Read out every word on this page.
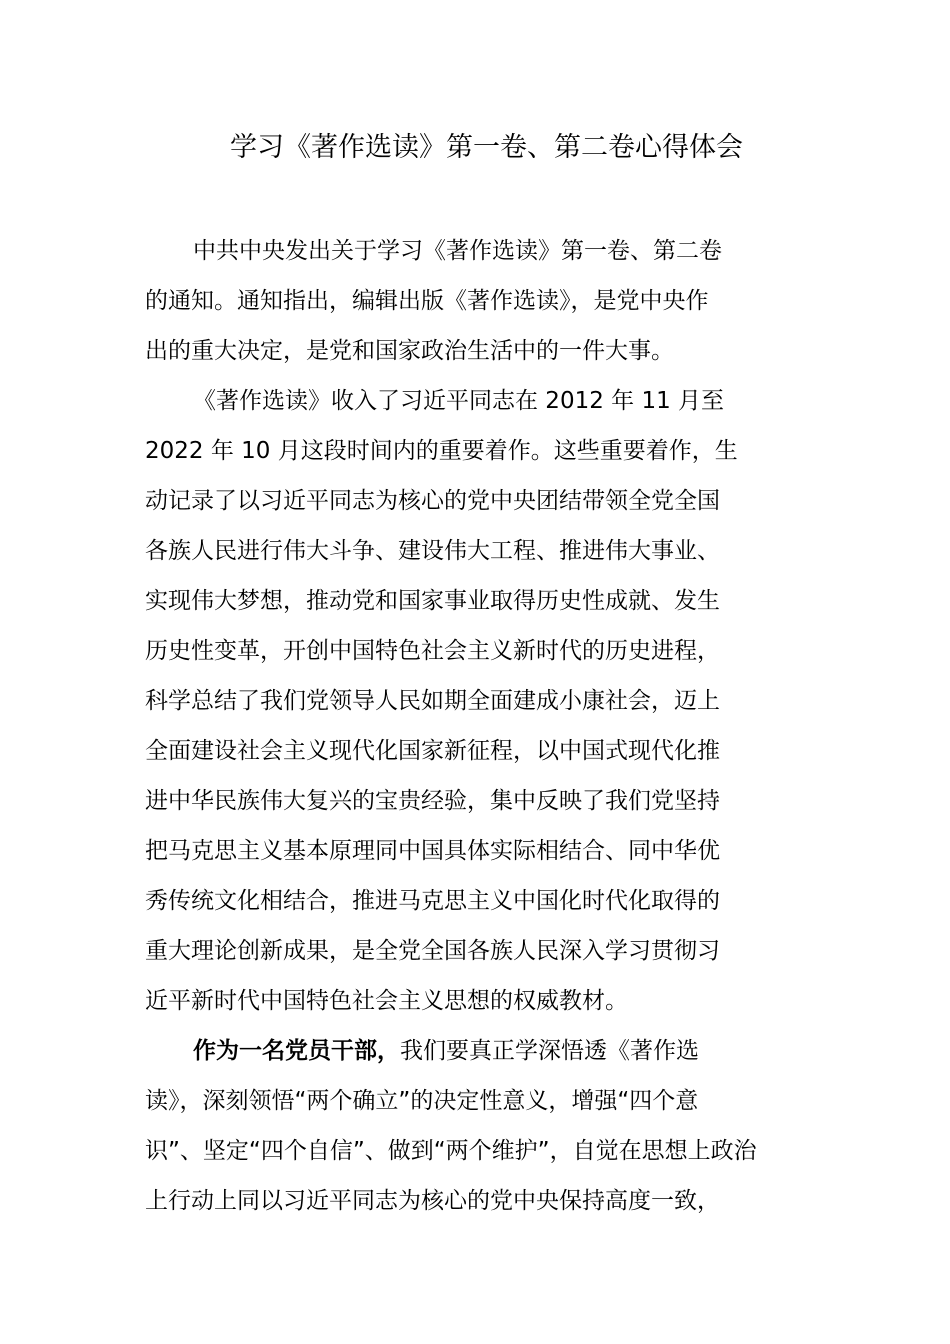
学习《著作选读》第一卷、第二卷心得体会
中共中央发出关于学习《著作选读》第一卷、第二卷
的通知。通知指出，编辑出版《著作选读》，是党中央作
出的重大决定，是党和国家政治生活中的一件大事。
《著作选读》收入了习近平同志在 2012 年 11 月至
2022 年 10 月这段时间内的重要着作。这些重要着作，生
动记录了以习近平同志为核心的党中央团结带领全党全国
各族人民进行伟大斗争、建设伟大工程、推进伟大事业、
实现伟大梦想，推动党和国家事业取得历史性成就、发生
历史性变革，开创中国特色社会主义新时代的历史进程，
科学总结了我们党领导人民如期全面建成小康社会，迈上
全面建设社会主义现代化国家新征程，以中国式现代化推
进中华民族伟大复兴的宝贵经验，集中反映了我们党坚持
把马克思主义基本原理同中国具体实际相结合、同中华优
秀传统文化相结合，推进马克思主义中国化时代化取得的
重大理论创新成果，是全党全国各族人民深入学习贯彻习
近平新时代中国特色社会主义思想的权威教材。
作为一名党员干部，我们要真正学深悟透《著作选
读》，深刻领悟“两个确立”的决定性意义，增强“四个意
识”、坚定“四个自信”、做到“两个维护”，自觉在思想上政治
上行动上同以习近平同志为核心的党中央保持高度一致，
